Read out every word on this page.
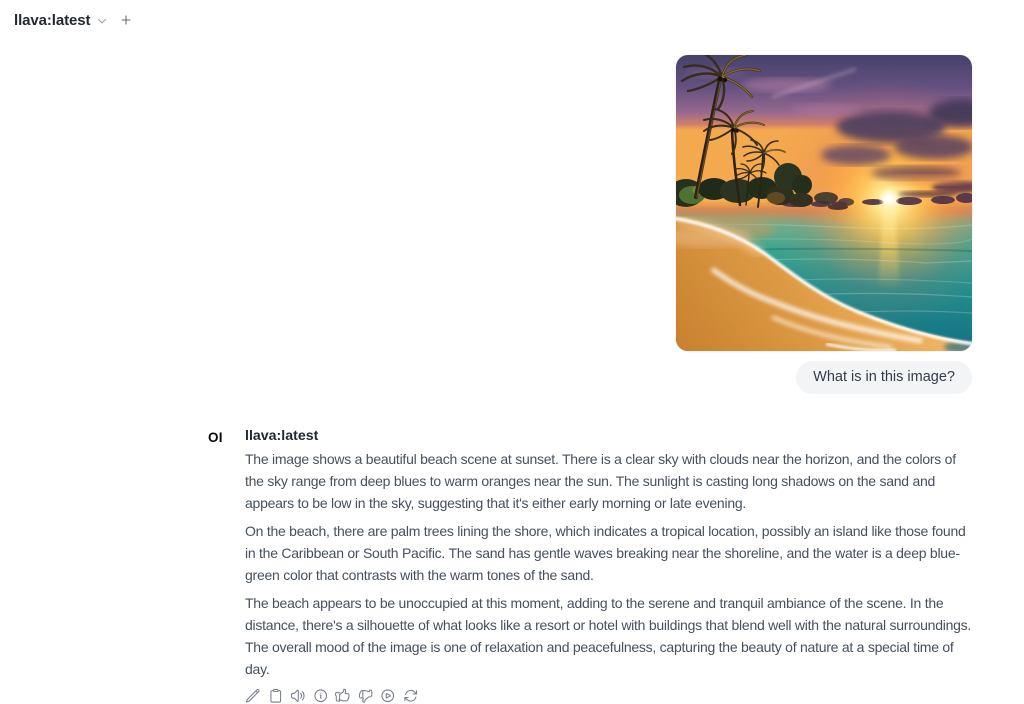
llava:latest
What is in this image?
OI	llava:latest

The image shows a beautiful beach scene at sunset. There is a clear sky with clouds near the horizon, and the colors of the sky range from deep blues to warm oranges near the sun. The sunlight is casting long shadows on the sand and appears to be low in the sky, suggesting that it's either early morning or late evening.

On the beach, there are palm trees lining the shore, which indicates a tropical location, possibly an island like those found in the Caribbean or South Pacific. The sand has gentle waves breaking near the shoreline, and the water is a deep blue-green color that contrasts with the warm tones of the sand.

The beach appears to be unoccupied at this moment, adding to the serene and tranquil ambiance of the scene. In the distance, there's a silhouette of what looks like a resort or hotel with buildings that blend well with the natural surroundings. The overall mood of the image is one of relaxation and peacefulness, capturing the beauty of nature at a special time of day.
